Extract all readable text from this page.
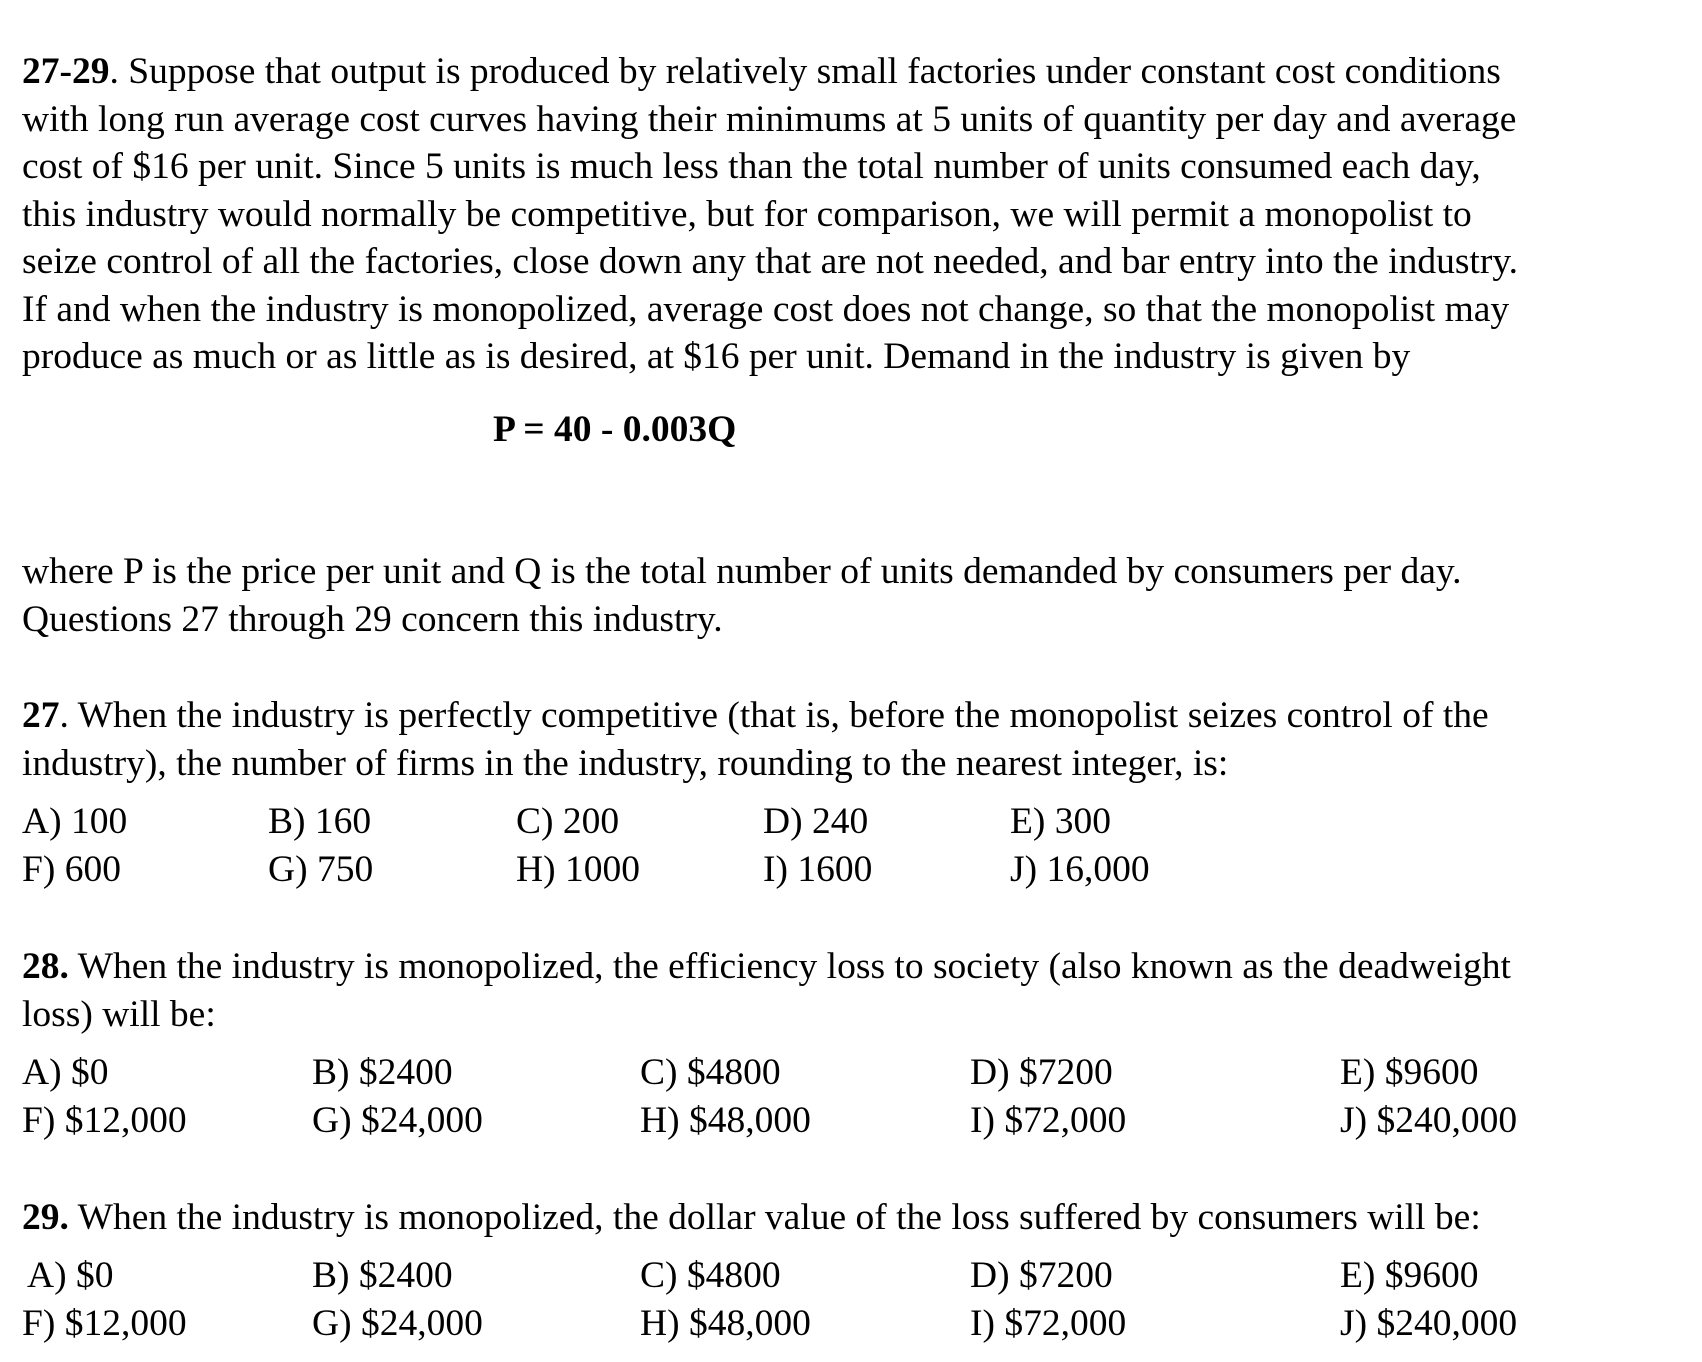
27-29. Suppose that output is produced by relatively small factories under constant cost conditions

with long run average cost curves having their minimums at 5 units of quantity per day and average

cost of $16 per unit. Since 5 units is much less than the total number of units consumed each day,

this industry would normally be competitive, but for comparison, we will permit a monopolist to

seize control of all the factories, close down any that are not needed, and bar entry into the industry.

If and when the industry is monopolized, average cost does not change, so that the monopolist may

produce as much or as little as is desired, at $16 per unit. Demand in the industry is given by

P = 40 - 0.003Q
where P is the price per unit and Q is the total number of units demanded by consumers per day.
Questions 27 through 29 concern this industry.
27. When the industry is perfectly competitive (that is, before the monopolist seizes control of the
industry), the number of firms in the industry, rounding to the nearest integer, is:
A) 100	B) 160	C) 200	D) 240	E) 300
F) 600	G) 750	H) 1000	I) 1600	J) 16,000
28. When the industry is monopolized, the efficiency loss to society (also known as the deadweight
loss) will be:
A) $0	B) $2400	C) $4800	D) $7200	E) $9600
F) $12,000	G) $24,000	H) $48,000	I) $72,000	J) $240,000
29. When the industry is monopolized, the dollar value of the loss suffered by consumers will be:
A) $0	B) $2400	C) $4800	D) $7200	E) $9600
F) $12,000	G) $24,000	H) $48,000	I) $72,000	J) $240,000
